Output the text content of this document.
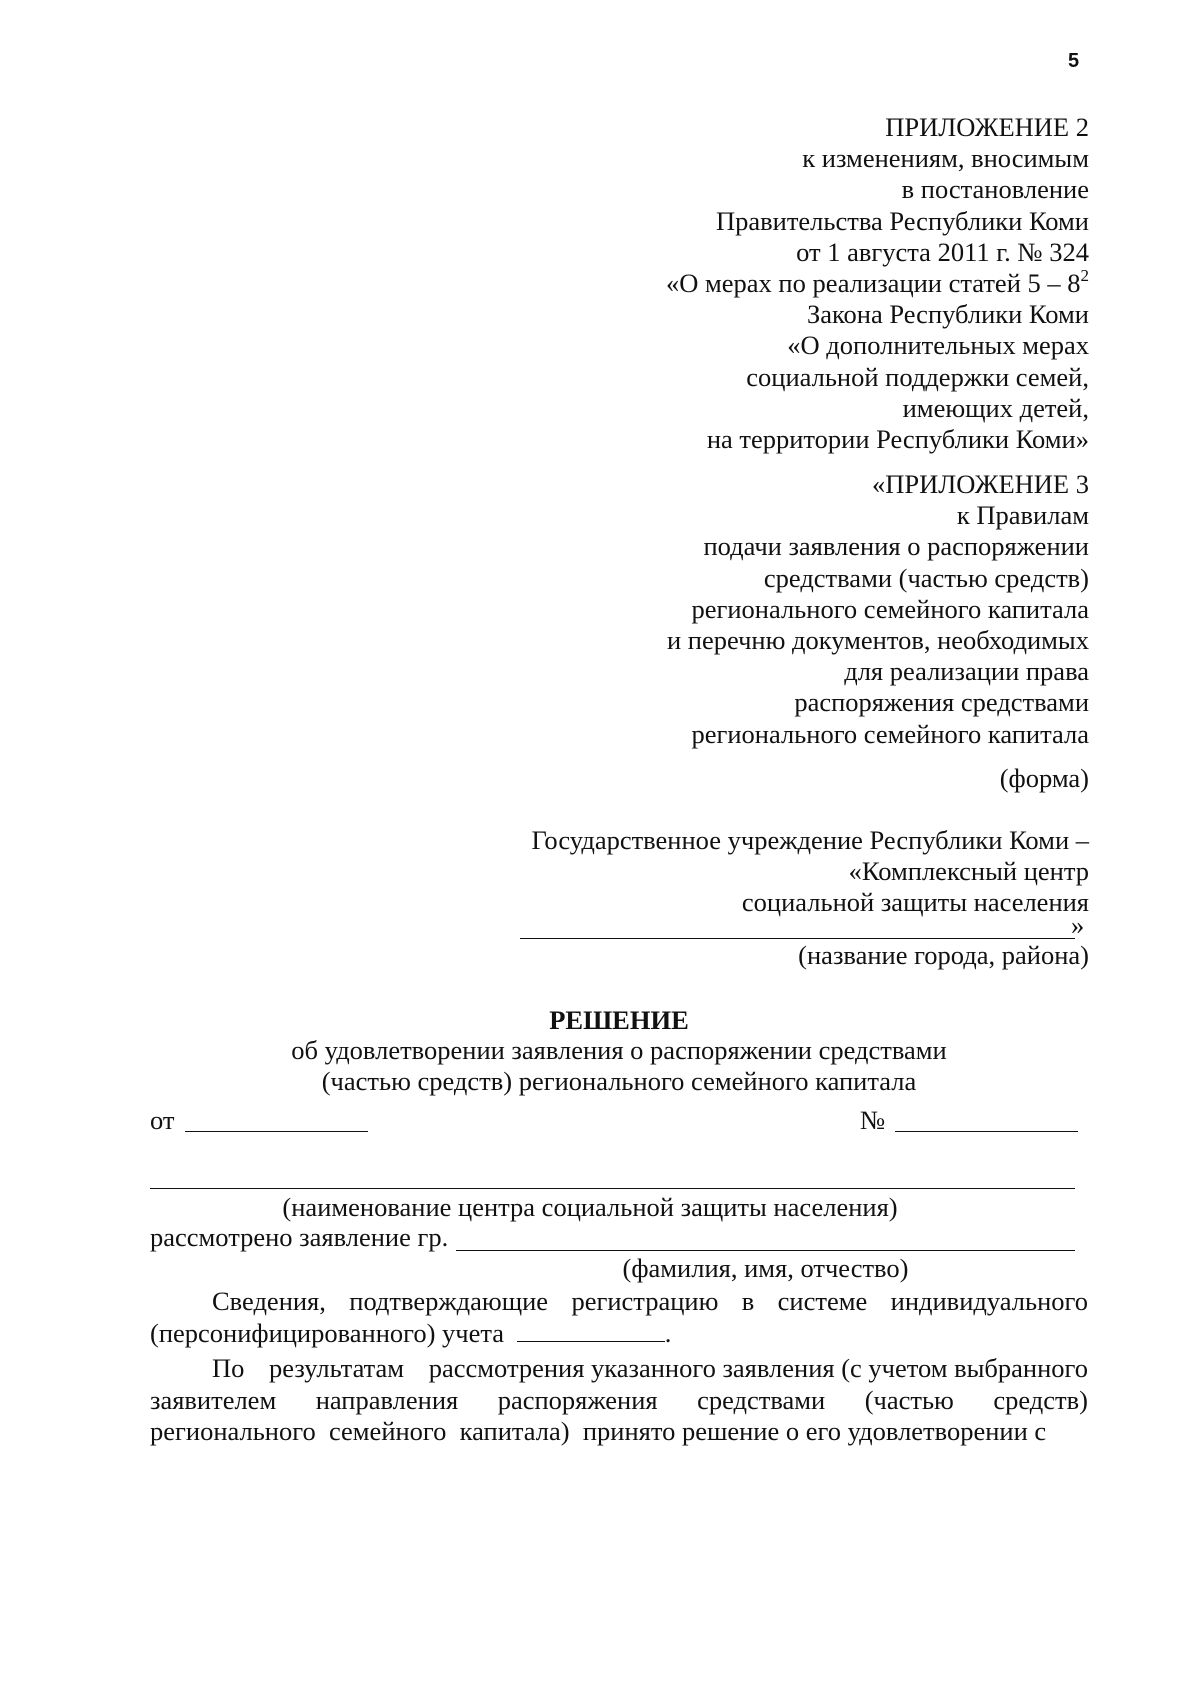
5
ПРИЛОЖЕНИЕ 2
к изменениям, вносимым
в постановление
Правительства Республики Коми
от 1 августа 2011 г. № 324
«О мерах по реализации статей $5 - 8^2$
Закона Республики Коми
«О дополнительных мерах
социальной поддержки семей,
имеющих детей,
на территории Республики Коми»
«ПРИЛОЖЕНИЕ 3
к Правилам
подачи заявления о распоряжении
средствами (частью средств)
регионального семейного капитала
и перечню документов, необходимых
для реализации права
распоряжения средствами
регионального семейного капитала
(форма)
Государственное учреждение Республики Коми –
«Комплексный центр
социальной защиты населения
»
(название города, района)
РЕШЕНИЕ
об удовлетворении заявления о распоряжении средствами
(частью средств) регионального семейного капитала
от	№
(наименование центра социальной защиты населения)
рассмотрено заявление гр.
(фамилия, имя, отчество)
Сведения, подтверждающие регистрацию в системе индивидуального
(персонифицированного) учета	.
По результатам рассмотрения указанного заявления (с учетом выбранного
заявителем направления распоряжения средствами (частью средств)
регионального  семейного  капитала)  принято решение о его удовлетворении с
